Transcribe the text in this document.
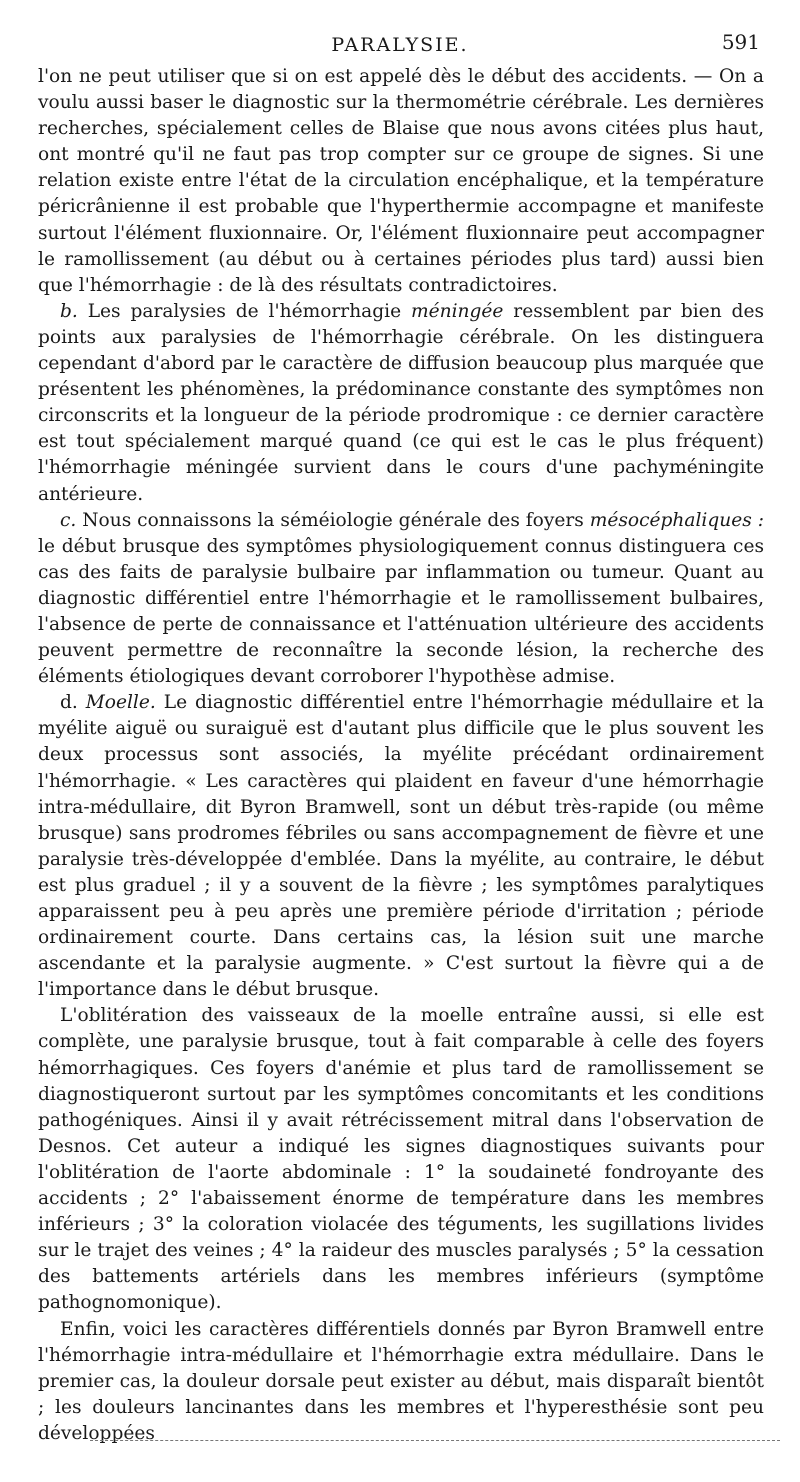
PARALYSIE.	591

l'on ne peut utiliser que si on est appelé dès le début des accidents. — On a voulu aussi baser le diagnostic sur la thermométrie cérébrale. Les dernières recherches, spécialement celles de Blaise que nous avons citées plus haut, ont montré qu'il ne faut pas trop compter sur ce groupe de signes. Si une relation existe entre l'état de la circulation encéphalique, et la température péricrânienne il est probable que l'hyperthermie accompagne et manifeste surtout l'élément fluxionnaire. Or, l'élément fluxionnaire peut accompagner le ramollissement (au début ou à certaines périodes plus tard) aussi bien que l'hémorrhagie : de là des résultats contradictoires.

b. Les paralysies de l'hémorrhagie méningée ressemblent par bien des points aux paralysies de l'hémorrhagie cérébrale. On les distinguera cependant d'abord par le caractère de diffusion beaucoup plus marquée que présentent les phénomènes, la prédominance constante des symptômes non circonscrits et la longueur de la période prodromique : ce dernier caractère est tout spécialement marqué quand (ce qui est le cas le plus fréquent) l'hémorrhagie méningée survient dans le cours d'une pachyméningite antérieure.

c. Nous connaissons la séméiologie générale des foyers mésocéphaliques : le début brusque des symptômes physiologiquement connus distinguera ces cas des faits de paralysie bulbaire par inflammation ou tumeur. Quant au diagnostic différentiel entre l'hémorrhagie et le ramollissement bulbaires, l'absence de perte de connaissance et l'atténuation ultérieure des accidents peuvent permettre de reconnaître la seconde lésion, la recherche des éléments étiologiques devant corroborer l'hypothèse admise.

d. Moelle. Le diagnostic différentiel entre l'hémorrhagie médullaire et la myélite aiguë ou suraiguë est d'autant plus difficile que le plus souvent les deux processus sont associés, la myélite précédant ordinairement l'hémorrhagie. « Les caractères qui plaident en faveur d'une hémorrhagie intra-médullaire, dit Byron Bramwell, sont un début très-rapide (ou même brusque) sans prodromes fébriles ou sans accompagnement de fièvre et une paralysie très-développée d'emblée. Dans la myélite, au contraire, le début est plus graduel ; il y a souvent de la fièvre ; les symptômes paralytiques apparaissent peu à peu après une première période d'irritation ; période ordinairement courte. Dans certains cas, la lésion suit une marche ascendante et la paralysie augmente. » C'est surtout la fièvre qui a de l'importance dans le début brusque.

L'oblitération des vaisseaux de la moelle entraîne aussi, si elle est complète, une paralysie brusque, tout à fait comparable à celle des foyers hémorrhagiques. Ces foyers d'anémie et plus tard de ramollissement se diagnostiqueront surtout par les symptômes concomitants et les conditions pathogéniques. Ainsi il y avait rétrécissement mitral dans l'observation de Desnos. Cet auteur a indiqué les signes diagnostiques suivants pour l'oblitération de l'aorte abdominale : 1° la soudaineté fondroyante des accidents ; 2° l'abaissement énorme de température dans les membres inférieurs ; 3° la coloration violacée des téguments, les sugillations livides sur le trajet des veines ; 4° la raideur des muscles paralysés ; 5° la cessation des battements artériels dans les membres inférieurs (symptôme pathognomonique).

Enfin, voici les caractères différentiels donnés par Byron Bramwell entre l'hémorrhagie intra-médullaire et l'hémorrhagie extra médullaire. Dans le premier cas, la douleur dorsale peut exister au début, mais disparaît bientôt ; les douleurs lancinantes dans les membres et l'hyperesthésie sont peu développées
